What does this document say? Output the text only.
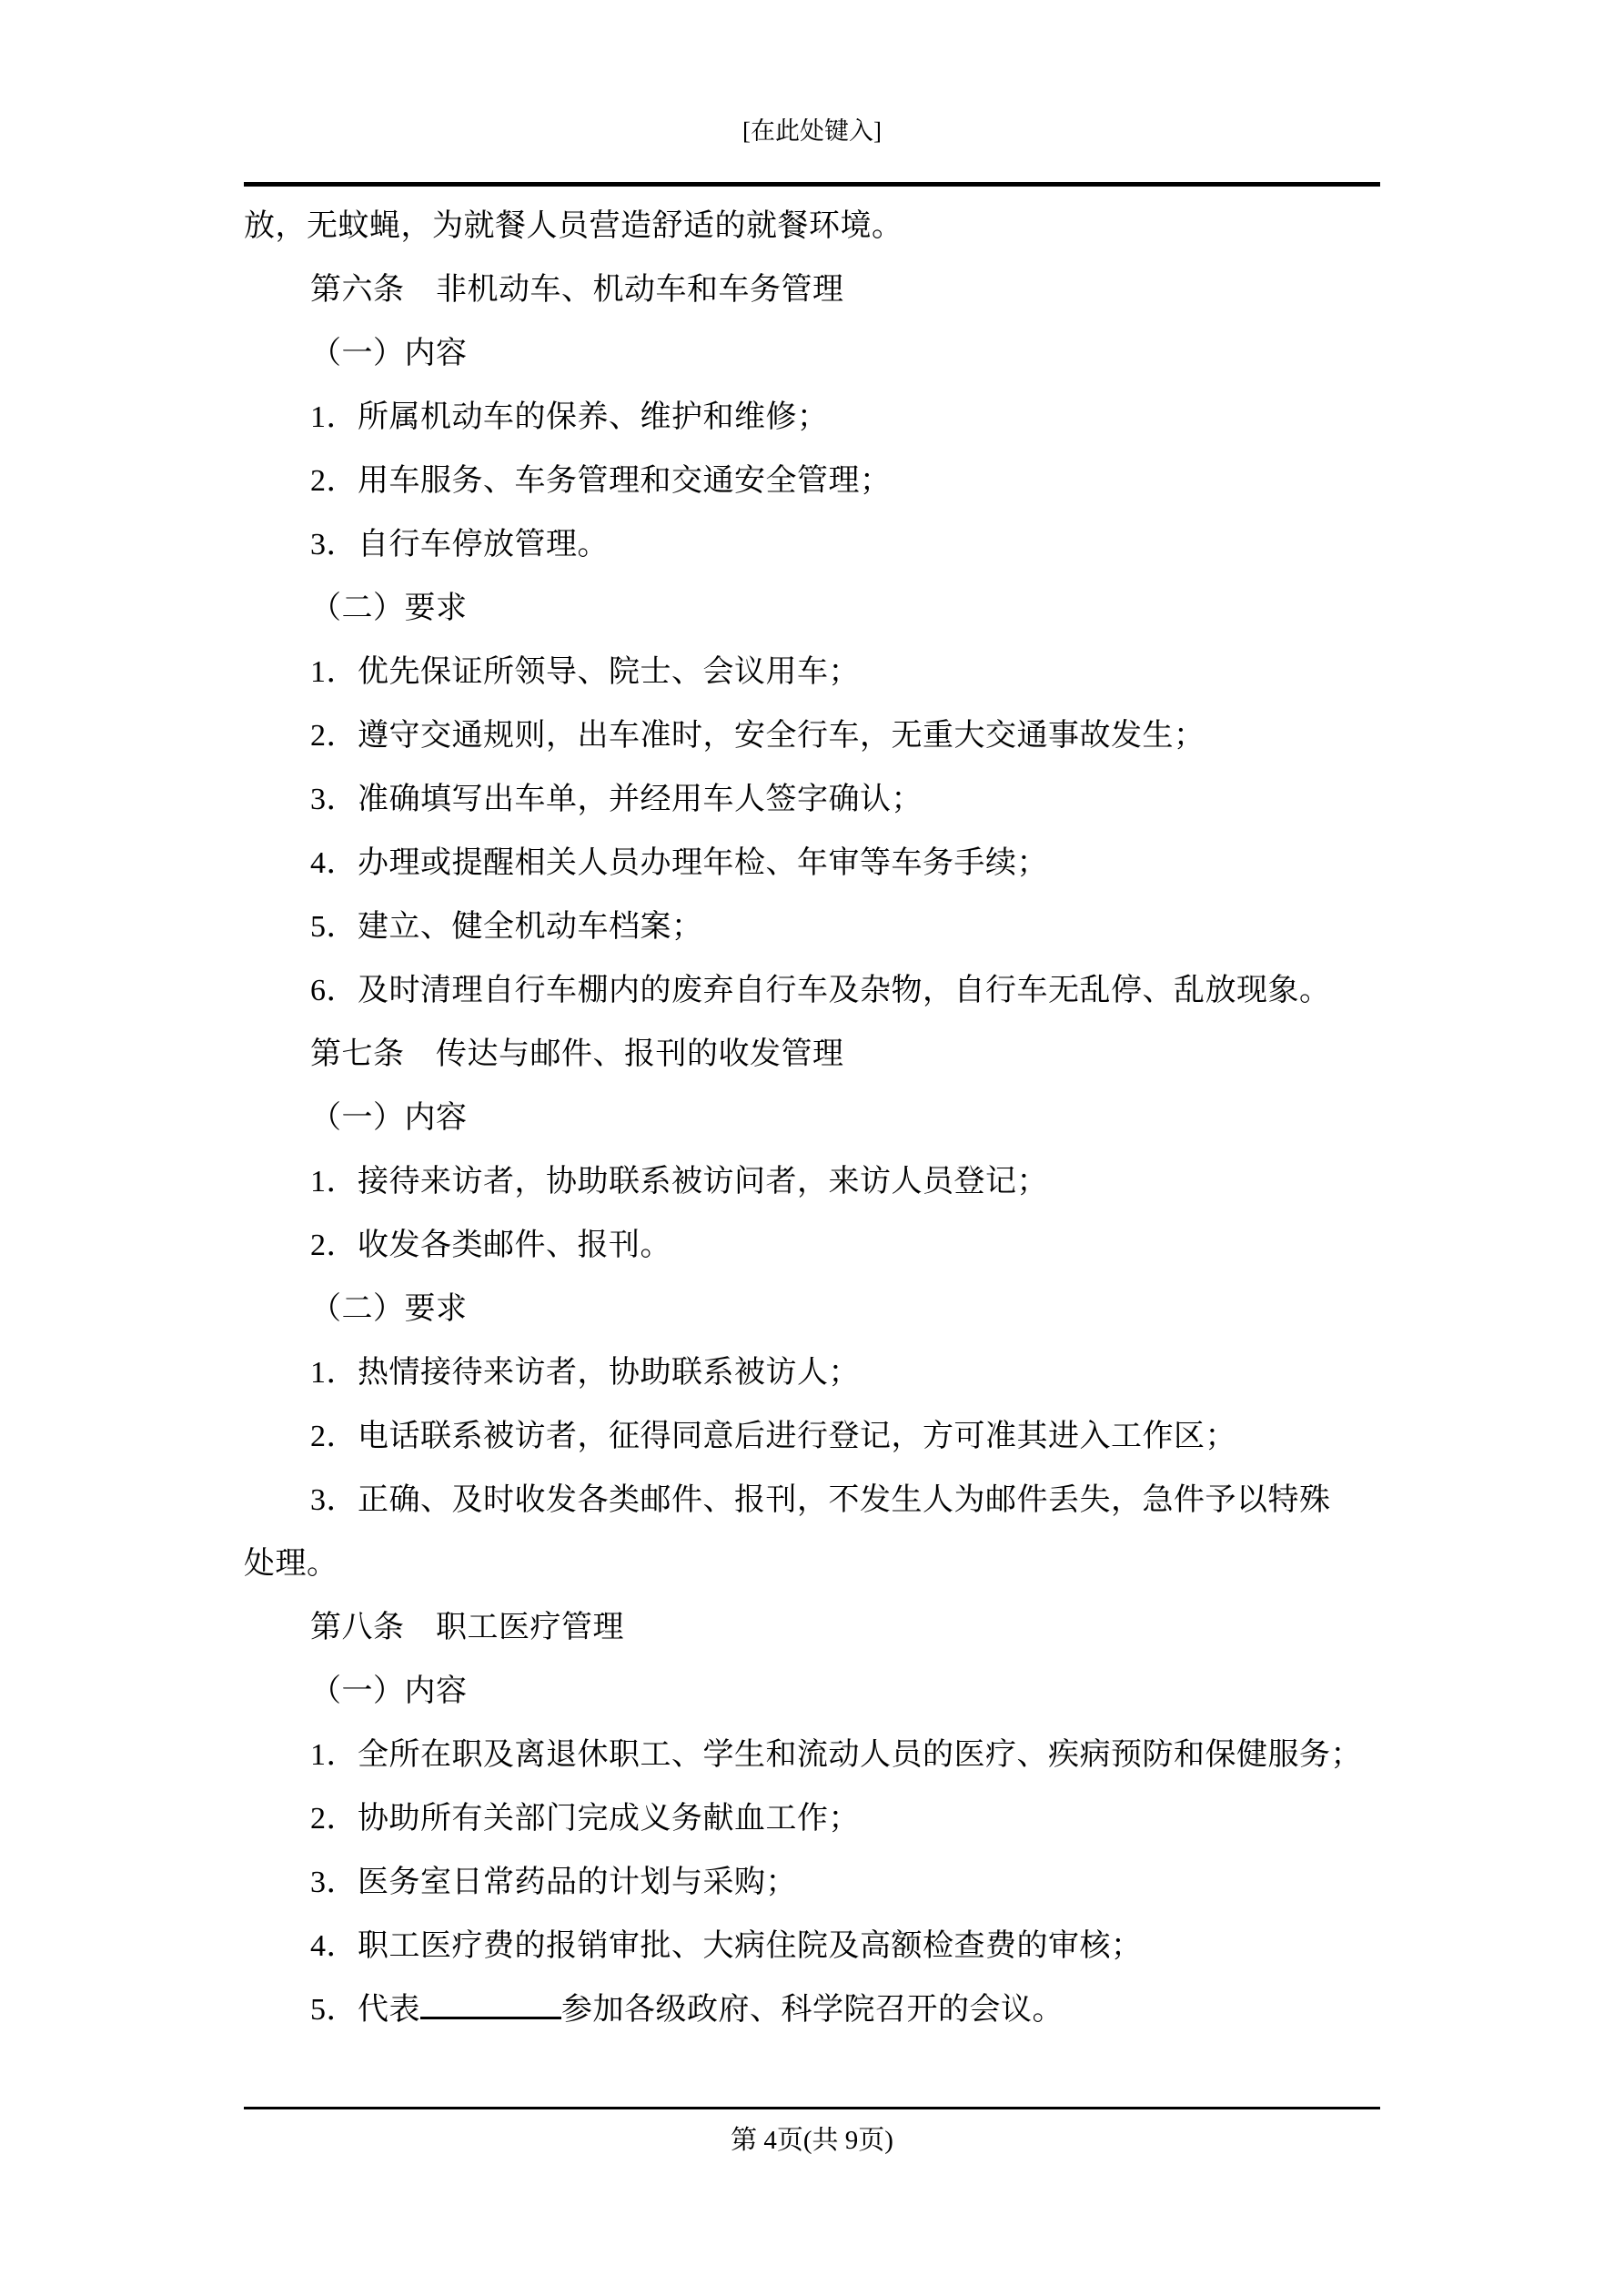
[在此处键入]
放，无蚊蝇，为就餐人员营造舒适的就餐环境。
第六条　非机动车、机动车和车务管理
（一）内容
1．所属机动车的保养、维护和维修；
2．用车服务、车务管理和交通安全管理；
3．自行车停放管理。
（二）要求
1．优先保证所领导、院士、会议用车；
2．遵守交通规则，出车准时，安全行车，无重大交通事故发生；
3．准确填写出车单，并经用车人签字确认；
4．办理或提醒相关人员办理年检、年审等车务手续；
5．建立、健全机动车档案；
6．及时清理自行车棚内的废弃自行车及杂物，自行车无乱停、乱放现象。
第七条　传达与邮件、报刊的收发管理
（一）内容
1．接待来访者，协助联系被访问者，来访人员登记；
2．收发各类邮件、报刊。
（二）要求
1．热情接待来访者，协助联系被访人；
2．电话联系被访者，征得同意后进行登记，方可准其进入工作区；
3．正确、及时收发各类邮件、报刊，不发生人为邮件丢失，急件予以特殊
处理。
第八条　职工医疗管理
（一）内容
1．全所在职及离退休职工、学生和流动人员的医疗、疾病预防和保健服务；
2．协助所有关部门完成义务献血工作；
3．医务室日常药品的计划与采购；
4．职工医疗费的报销审批、大病住院及高额检查费的审核；
5．代表	参加各级政府、科学院召开的会议。
第 4页(共 9页)
